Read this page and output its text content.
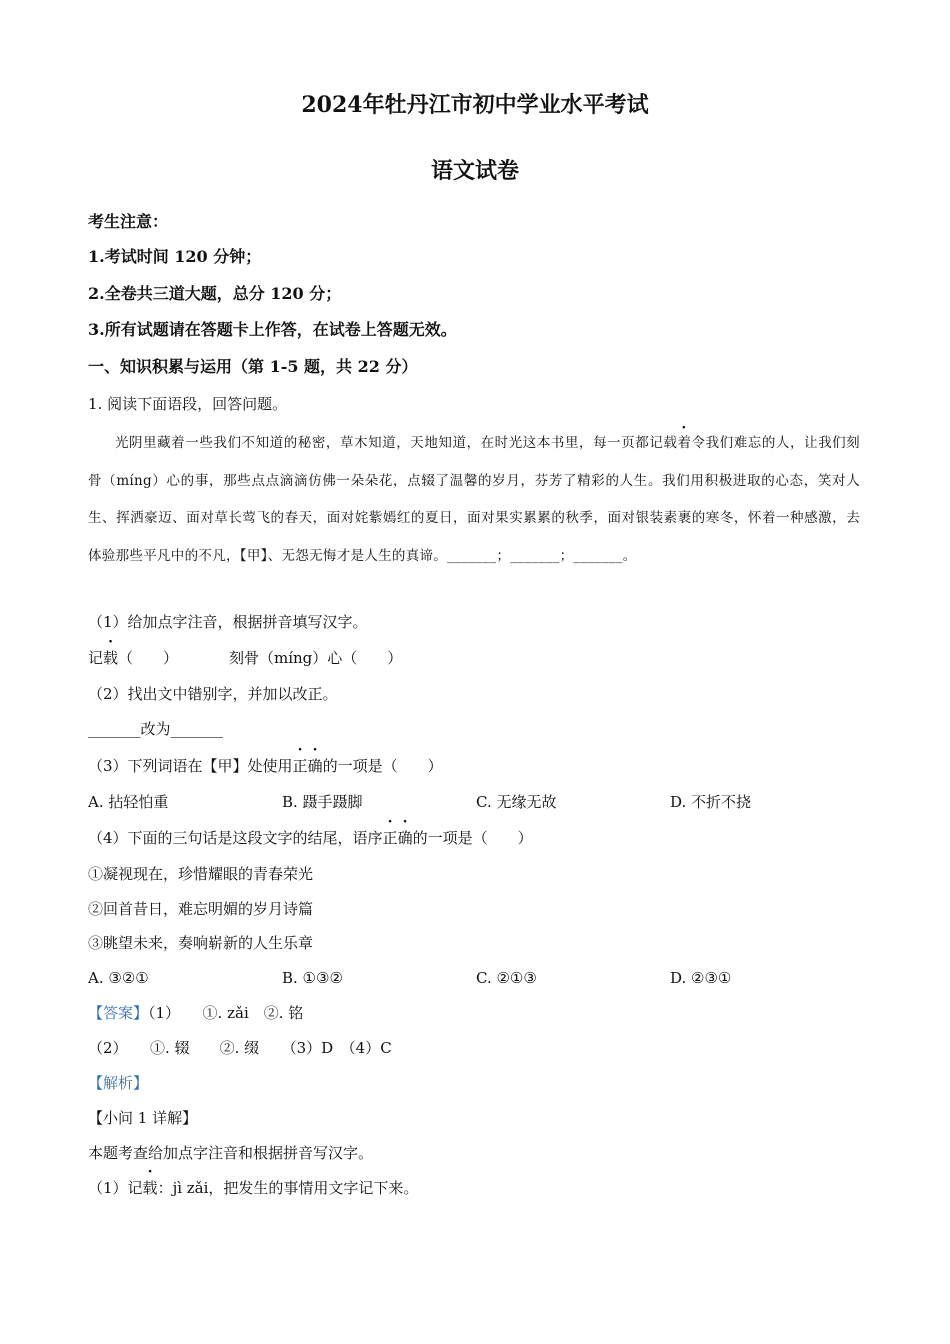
2024年牡丹江市初中学业水平考试
语文试卷
考生注意：
1.考试时间 120 分钟；
2.全卷共三道大题，总分 120 分；
3.所有试题请在答题卡上作答，在试卷上答题无效。
一、知识积累与运用（第 1-5 题，共 22 分）
1. 阅读下面语段，回答问题。
光阴里藏着一些我们不知道的秘密，草木知道，天地知道，在时光这本书里，每一页都记载着令我们难忘的人，让我们刻骨（míng）心的事，那些点点滴滴仿佛一朵朵花，点辍了温馨的岁月，芬芳了精彩的人生。我们用积极进取的心态，笑对人生、挥洒豪迈、面对草长莺飞的春天，面对姹紫嫣红的夏日，面对果实累累的秋季，面对银装素裹的寒冬，怀着一种感激，去体验那些平凡中的不凡，【甲】、无怨无悔才是人生的真谛。_______；_______；_______。
（1）给加点字注音，根据拼音填写汉字。
记载（　　）	刻骨（míng）心（　　）
（2）找出文中错别字，并加以改正。
_______改为_______
（3）下列词语在【甲】处使用正确的一项是（　　）
A. 拈轻怕重	B. 蹑手蹑脚	C. 无缘无故	D. 不折不挠
（4）下面的三句话是这段文字的结尾，语序正确的一项是（　　）
①凝视现在，珍惜耀眼的青春荣光
②回首昔日，难忘明媚的岁月诗篇
③眺望未来，奏响崭新的人生乐章
A. ③②①	B. ①③②	C. ②①③	D. ②③①
【答案】（1）　　①. zǎi　②. 铭
（2）　　①. 辍　　②. 缀　　（3）D　（4）C
【解析】
【小问 1 详解】
本题考查给加点字注音和根据拼音写汉字。
（1）记载：jì zǎi，把发生的事情用文字记下来。
